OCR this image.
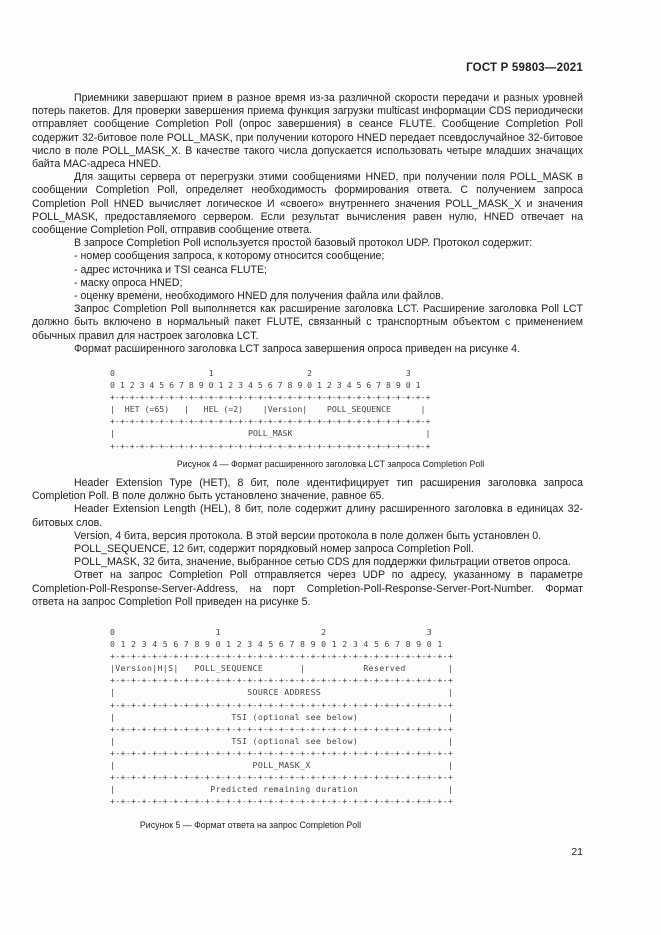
ГОСТ Р 59803—2021

Приемники завершают прием в разное время из-за различной скорости передачи и разных уровней потерь пакетов. Для проверки завершения приема функция загрузки multicast информации CDS периодически отправляет сообщение Completion Poll (опрос завершения) в сеансе FLUTE. Сообщение Completion Poll содержит 32-битовое поле POLL_MASK, при получении которого HNED передает псевдослучайное 32-битовое число в поле POLL_MASK_X. В качестве такого числа допускается использовать четыре младших значащих байта MAC-адреса HNED.

Для защиты сервера от перегрузки этими сообщениями HNED, при получении поля POLL_MASK в сообщении Completion Poll, определяет необходимость формирования ответа. С получением запроса Completion Poll HNED вычисляет логическое И «своего» внутреннего значения POLL_MASK_X и значения POLL_MASK, предоставляемого сервером. Если результат вычисления равен нулю, HNED отвечает на сообщение Completion Poll, отправив сообщение ответа.

В запросе Completion Poll используется простой базовый протокол UDP. Протокол содержит:

- номер сообщения запроса, к которому относится сообщение;

- адрес источника и TSI сеанса FLUTE;

- маску опроса HNED;

- оценку времени, необходимого HNED для получения файла или файлов.

Запрос Completion Poll выполняется как расширение заголовка LCT. Расширение заголовка Poll LCT должно быть включено в нормальный пакет FLUTE, связанный с транспортным объектом с применением обычных правил для настроек заголовка LCT.

Формат расширенного заголовка LCT запроса завершения опроса приведен на рисунке 4.

0                   1                   2                   3
0 1 2 3 4 5 6 7 8 9 0 1 2 3 4 5 6 7 8 9 0 1 2 3 4 5 6 7 8 9 0 1
+-+-+-+-+-+-+-+-+-+-+-+-+-+-+-+-+-+-+-+-+-+-+-+-+-+-+-+-+-+-+-+-+
|  HET (=65)   |   HEL (=2)    |Version|    POLL_SEQUENCE      |
+-+-+-+-+-+-+-+-+-+-+-+-+-+-+-+-+-+-+-+-+-+-+-+-+-+-+-+-+-+-+-+-+
|                           POLL_MASK                           |
+-+-+-+-+-+-+-+-+-+-+-+-+-+-+-+-+-+-+-+-+-+-+-+-+-+-+-+-+-+-+-+-+
Рисунок 4 — Формат расширенного заголовка LCT запроса Completion Poll

Header Extension Type (HET), 8 бит, поле идентифицирует тип расширения заголовка запроса Completion Poll. В поле должно быть установлено значение, равное 65.

Header Extension Length (HEL), 8 бит, поле содержит длину расширенного заголовка в единицах 32-битовых слов.

Version, 4 бита, версия протокола. В этой версии протокола в поле должен быть установлен 0.

POLL_SEQUENCE, 12 бит, содержит порядковый номер запроса Completion Poll.

POLL_MASK, 32 бита, значение, выбранное сетью CDS для поддержки фильтрации ответов опроса.

Ответ на запрос Completion Poll отправляется через UDP по адресу, указанному в параметре Completion-Poll-Response-Server-Address, на порт Completion-Poll-Response-Server-Port-Number. Формат ответа на запрос Completion Poll приведен на рисунке 5.

0                   1                   2                   3
0 1 2 3 4 5 6 7 8 9 0 1 2 3 4 5 6 7 8 9 0 1 2 3 4 5 6 7 8 9 0 1
+-+-+-+-+-+-+-+-+-+-+-+-+-+-+-+-+-+-+-+-+-+-+-+-+-+-+-+-+-+-+-+-+
|Version|H|S|   POLL_SEQUENCE       |           Reserved        |
+-+-+-+-+-+-+-+-+-+-+-+-+-+-+-+-+-+-+-+-+-+-+-+-+-+-+-+-+-+-+-+-+
|                         SOURCE ADDRESS                        |
+-+-+-+-+-+-+-+-+-+-+-+-+-+-+-+-+-+-+-+-+-+-+-+-+-+-+-+-+-+-+-+-+
|                      TSI (optional see below)                 |
+-+-+-+-+-+-+-+-+-+-+-+-+-+-+-+-+-+-+-+-+-+-+-+-+-+-+-+-+-+-+-+-+
|                      TSI (optional see below)                 |
+-+-+-+-+-+-+-+-+-+-+-+-+-+-+-+-+-+-+-+-+-+-+-+-+-+-+-+-+-+-+-+-+
|                          POLL_MASK_X                          |
+-+-+-+-+-+-+-+-+-+-+-+-+-+-+-+-+-+-+-+-+-+-+-+-+-+-+-+-+-+-+-+-+
|                  Predicted remaining duration                 |
+-+-+-+-+-+-+-+-+-+-+-+-+-+-+-+-+-+-+-+-+-+-+-+-+-+-+-+-+-+-+-+-+
Рисунок 5 — Формат ответа на запрос Completion Poll
21
